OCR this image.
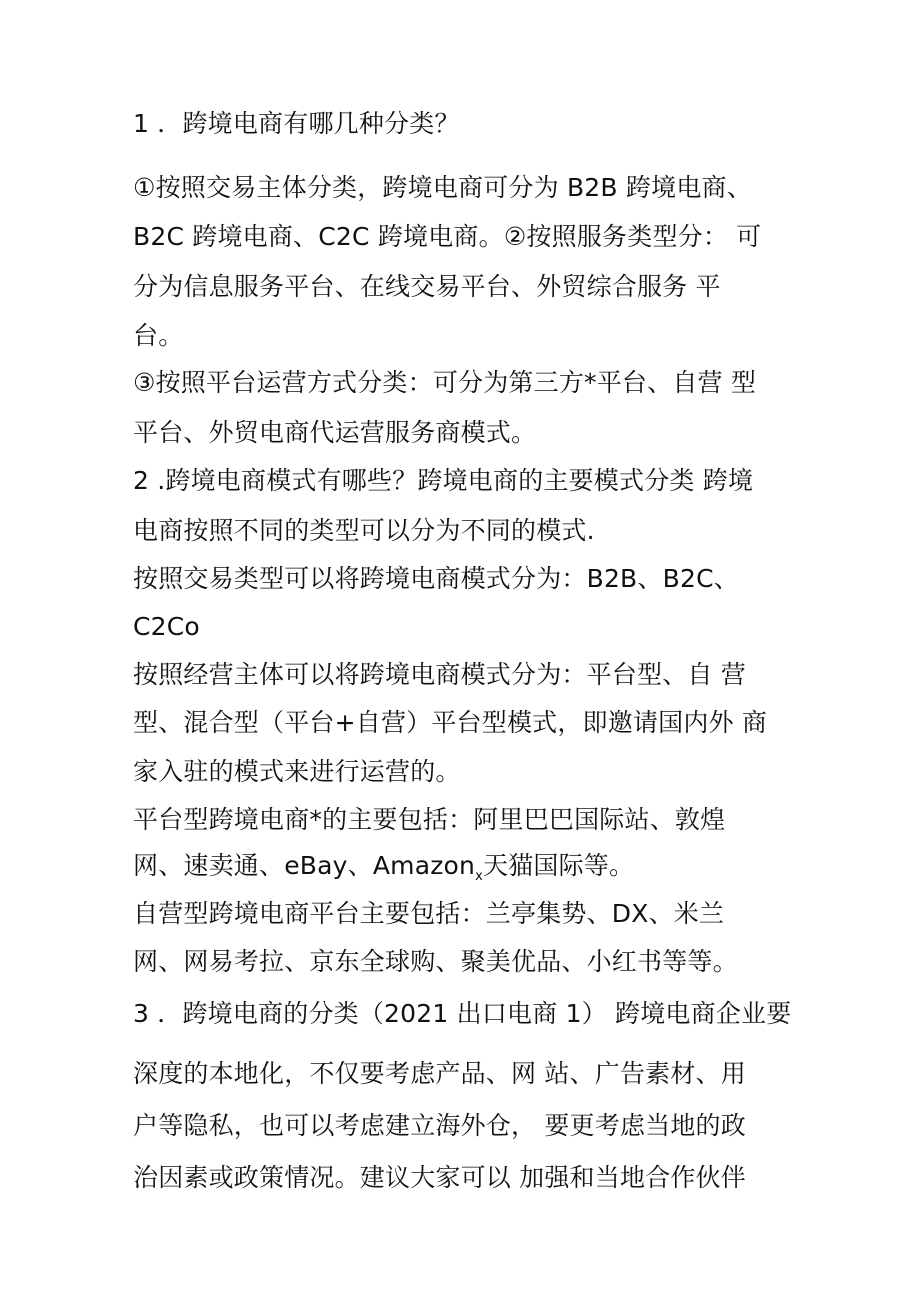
1 ．跨境电商有哪几种分类？
①按照交易主体分类，跨境电商可分为 B2B 跨境电商、
B2C 跨境电商、C2C 跨境电商。②按照服务类型分： 可
分为信息服务平台、在线交易平台、外贸综合服务 平
台。
③按照平台运营方式分类：可分为第三方*平台、自营 型
平台、外贸电商代运营服务商模式。
2 .跨境电商模式有哪些？跨境电商的主要模式分类 跨境
电商按照不同的类型可以分为不同的模式.
按照交易类型可以将跨境电商模式分为：B2B、B2C、
C2Co
按照经营主体可以将跨境电商模式分为：平台型、自 营
型、混合型（平台+自营）平台型模式，即邀请国内外 商
家入驻的模式来进行运营的。
平台型跨境电商*的主要包括：阿里巴巴国际站、敦煌
网、速卖通、eBay、Amazon$_x$天猫国际等。
自营型跨境电商平台主要包括：兰亭集势、DX、米兰
网、网易考拉、京东全球购、聚美优品、小红书等等。
3 ．跨境电商的分类（2021 出口电商 1） 跨境电商企业要
深度的本地化，不仅要考虑产品、网 站、广告素材、用
户等隐私，也可以考虑建立海外仓， 要更考虑当地的政
治因素或政策情况。建议大家可以 加强和当地合作伙伴
